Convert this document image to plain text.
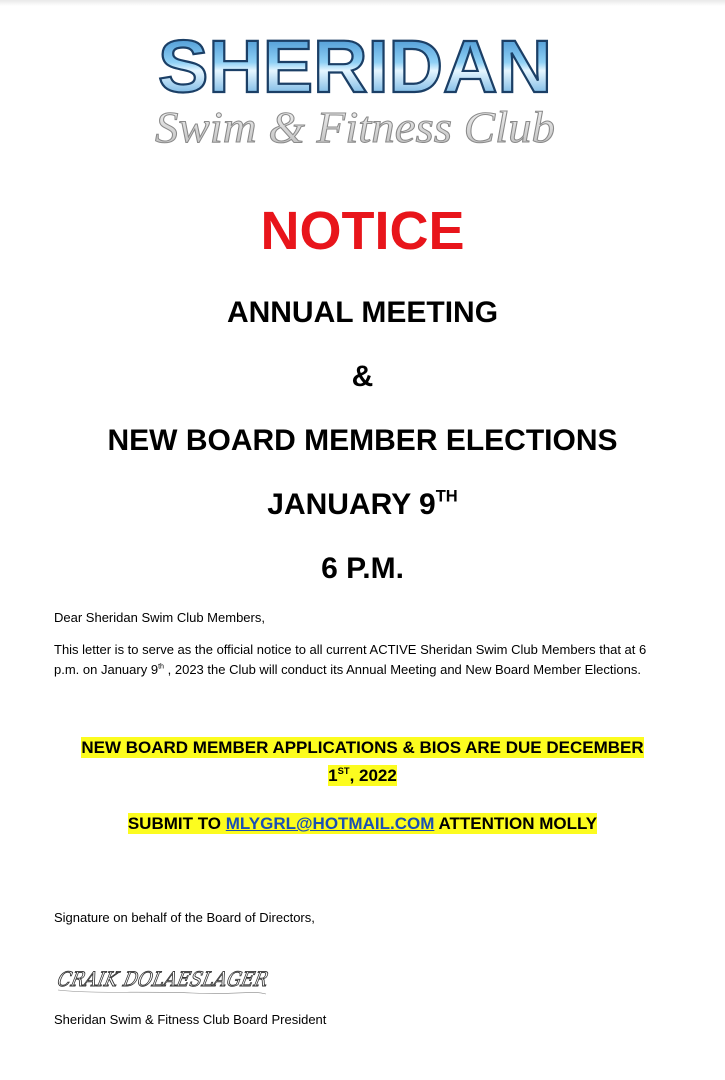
SHERIDAN
Swim & Fitness Club
NOTICE
ANNUAL MEETING
&
NEW BOARD MEMBER ELECTIONS
JANUARY 9TH
6 P.M.
Dear Sheridan Swim Club Members,
This letter is to serve as the official notice to all current ACTIVE Sheridan Swim Club Members that at 6 p.m. on January 9th , 2023 the Club will conduct its Annual Meeting and New Board Member Elections.
NEW BOARD MEMBER APPLICATIONS & BIOS ARE DUE DECEMBER
1ST, 2022
SUBMIT TO MLYGRL@HOTMAIL.COM ATTENTION MOLLY
Signature on behalf of the Board of Directors,
CRAIK DOLAESLAGER
Sheridan Swim & Fitness Club Board President
